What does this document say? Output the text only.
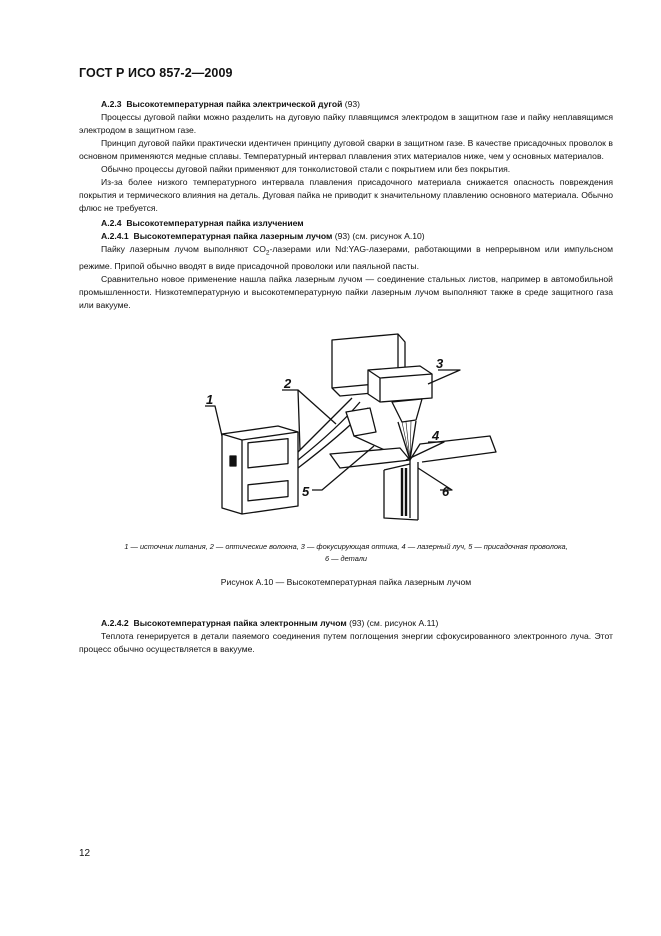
ГОСТ Р ИСО 857-2—2009

А.2.3 Высокотемпературная пайка электрической дугой (93)

Процессы дуговой пайки можно разделить на дуговую пайку плавящимся электродом в защитном газе и пайку неплавящимся электродом в защитном газе.

Принцип дуговой пайки практически идентичен принципу дуговой сварки в защитном газе. В качестве присадочных проволок в основном применяются медные сплавы. Температурный интервал плавления этих материалов ниже, чем у основных материалов.

Обычно процессы дуговой пайки применяют для тонколистовой стали с покрытием или без покрытия.

Из-за более низкого температурного интервала плавления присадочного материала снижается опасность повреждения покрытия и термического влияния на деталь. Дуговая пайка не приводит к значительному плавлению основного материала. Обычно флюс не требуется.

А.2.4 Высокотемпературная пайка излучением

А.2.4.1 Высокотемпературная пайка лазерным лучом (93) (см. рисунок А.10)

Пайку лазерным лучом выполняют $CO_2$-лазерами или Nd:YAG-лазерами, работающими в непрерывном или импульсном режиме. Припой обычно вводят в виде присадочной проволоки или паяльной пасты.

Сравнительно новое применение нашла пайка лазерным лучом — соединение стальных листов, например в автомобильной промышленности. Низкотемпературную и высокотемпературную пайки лазерным лучом выполняют также в среде защитного газа или вакууме.

1
2
3
4
5	6
1 — источник питания, 2 — оптические волокна, 3 — фокусирующая оптика, 4 — лазерный луч, 5 — присадочная проволока,
6 — детали
Рисунок А.10 — Высокотемпературная пайка лазерным лучом

А.2.4.2 Высокотемпературная пайка электронным лучом (93) (см. рисунок А.11)

Теплота генерируется в детали паяемого соединения путем поглощения энергии сфокусированного электронного луча. Этот процесс обычно осуществляется в вакууме.

12
